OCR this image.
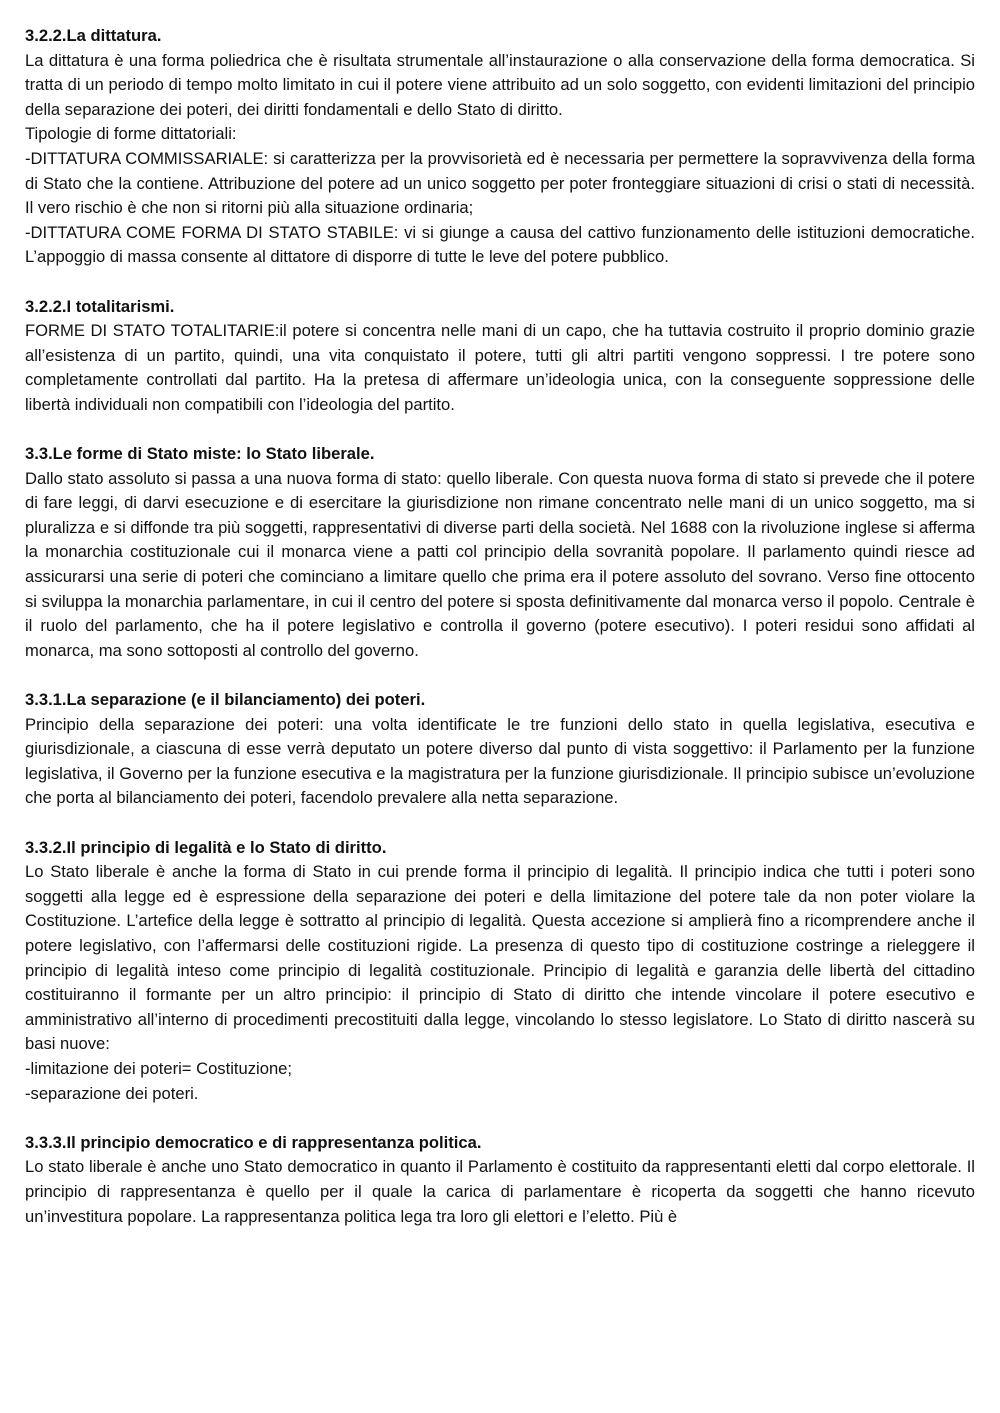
3.2.2.La dittatura.

La dittatura è una forma poliedrica che è risultata strumentale all’instaurazione o alla conservazione della forma democratica. Si tratta di un periodo di tempo molto limitato in cui il potere viene attribuito ad un solo soggetto, con evidenti limitazioni del principio della separazione dei poteri, dei diritti fondamentali e dello Stato di diritto.

Tipologie di forme dittatoriali:

-DITTATURA COMMISSARIALE: si caratterizza per la provvisorietà ed è necessaria per permettere la sopravvivenza della forma di Stato che la contiene. Attribuzione del potere ad un unico soggetto per poter fronteggiare situazioni di crisi o stati di necessità. Il vero rischio è che non si ritorni più alla situazione ordinaria;

-DITTATURA COME FORMA DI STATO STABILE: vi si giunge a causa del cattivo funzionamento delle istituzioni democratiche. L’appoggio di massa consente al dittatore di disporre di tutte le leve del potere pubblico.

3.2.2.I totalitarismi.

FORME DI STATO TOTALITARIE:il potere si concentra nelle mani di un capo, che ha tuttavia costruito il proprio dominio grazie all’esistenza di un partito, quindi, una vita conquistato il potere, tutti gli altri partiti vengono soppressi. I tre potere sono completamente controllati dal partito. Ha la pretesa di affermare un’ideologia unica, con la conseguente soppressione delle libertà individuali non compatibili con l’ideologia del partito.

3.3.Le forme di Stato miste: lo Stato liberale.

Dallo stato assoluto si passa a una nuova forma di stato: quello liberale. Con questa nuova forma di stato si prevede che il potere di fare leggi, di darvi esecuzione e di esercitare la giurisdizione non rimane concentrato nelle mani di un unico soggetto, ma si pluralizza e si diffonde tra più soggetti, rappresentativi di diverse parti della società. Nel 1688 con la rivoluzione inglese si afferma la monarchia costituzionale cui il monarca viene a patti col principio della sovranità popolare. Il parlamento quindi riesce ad assicurarsi una serie di poteri che cominciano a limitare quello che prima era il potere assoluto del sovrano. Verso fine ottocento si sviluppa la monarchia parlamentare, in cui il centro del potere si sposta definitivamente dal monarca verso il popolo. Centrale è il ruolo del parlamento, che ha il potere legislativo e controlla il governo (potere esecutivo). I poteri residui sono affidati al monarca, ma sono sottoposti al controllo del governo.

3.3.1.La separazione (e il bilanciamento) dei poteri.

Principio della separazione dei poteri: una volta identificate le tre funzioni dello stato in quella legislativa, esecutiva e giurisdizionale, a ciascuna di esse verrà deputato un potere diverso dal punto di vista soggettivo: il Parlamento per la funzione legislativa, il Governo per la funzione esecutiva e la magistratura per la funzione giurisdizionale. Il principio subisce un’evoluzione che porta al bilanciamento dei poteri, facendolo prevalere alla netta separazione.

3.3.2.Il principio di legalità e lo Stato di diritto.

Lo Stato liberale è anche la forma di Stato in cui prende forma il principio di legalità. Il principio indica che tutti i poteri sono soggetti alla legge ed è espressione della separazione dei poteri e della limitazione del potere tale da non poter violare la Costituzione. L’artefice della legge è sottratto al principio di legalità. Questa accezione si amplierà fino a ricomprendere anche il potere legislativo, con l’affermarsi delle costituzioni rigide. La presenza di questo tipo di costituzione costringe a rieleggere il principio di legalità inteso come principio di legalità costituzionale. Principio di legalità e garanzia delle libertà del cittadino costituiranno il formante per un altro principio: il principio di Stato di diritto che intende vincolare il potere esecutivo e amministrativo all’interno di procedimenti precostituiti dalla legge, vincolando lo stesso legislatore. Lo Stato di diritto nascerà su basi nuove:

-limitazione dei poteri= Costituzione;

-separazione dei poteri.

3.3.3.Il principio democratico e di rappresentanza politica.

Lo stato liberale è anche uno Stato democratico in quanto il Parlamento è costituito da rappresentanti eletti dal corpo elettorale. Il principio di rappresentanza è quello per il quale la carica di parlamentare è ricoperta da soggetti che hanno ricevuto un’investitura popolare. La rappresentanza politica lega tra loro gli elettori e l’eletto. Più è
